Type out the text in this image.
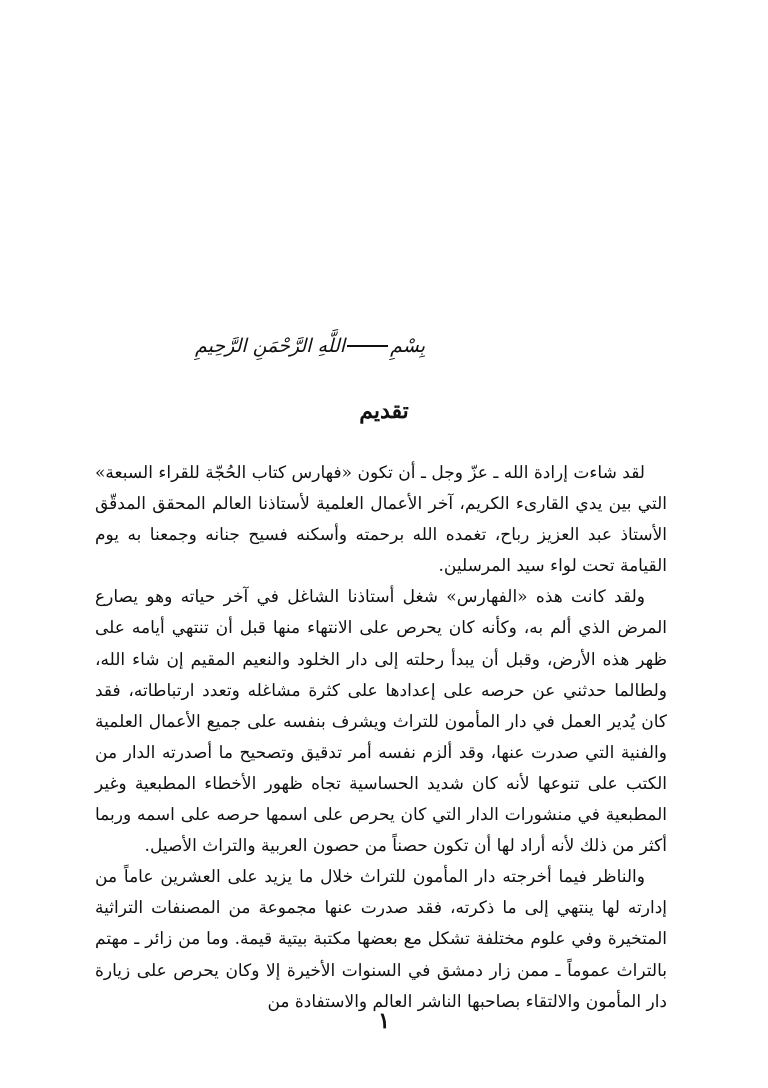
بِسْمِ
اللَّهِ الرَّحْمَنِ الرَّحِيمِ
تقديم

لقد شاءت إرادة الله ـ عزّ وجل ـ أن تكون «فهارس كتاب الحُجّة للقراء السبعة» التي بين يدي القارىء الكريم، آخر الأعمال العلمية لأستاذنا العالم المحقق المدقّق الأستاذ عبد العزيز رباح، تغمده الله برحمته وأسكنه فسيح جنانه وجمعنا به يوم القيامة تحت لواء سيد المرسلين.

ولقد كانت هذه «الفهارس» شغل أستاذنا الشاغل في آخر حياته وهو يصارع المرض الذي ألم به، وكأنه كان يحرص على الانتهاء منها قبل أن تنتهي أيامه على ظهر هذه الأرض، وقبل أن يبدأ رحلته إلى دار الخلود والنعيم المقيم إن شاء الله، ولطالما حدثني عن حرصه على إعدادها على كثرة مشاغله وتعدد ارتباطاته، فقد كان يُدير العمل في دار المأمون للتراث ويشرف بنفسه على جميع الأعمال العلمية والفنية التي صدرت عنها، وقد ألزم نفسه أمر تدقيق وتصحيح ما أصدرته الدار من الكتب على تنوعها لأنه كان شديد الحساسية تجاه ظهور الأخطاء المطبعية وغير المطبعية في منشورات الدار التي كان يحرص على اسمها حرصه على اسمه وربما أكثر من ذلك لأنه أراد لها أن تكون حصناً من حصون العربية والتراث الأصيل.

والناظر فيما أخرجته دار المأمون للتراث خلال ما يزيد على العشرين عاماً من إدارته لها ينتهي إلى ما ذكرته، فقد صدرت عنها مجموعة من المصنفات التراثية المتخيرة وفي علوم مختلفة تشكل مع بعضها مكتبة بيتية قيمة. وما من زائر ـ مهتم بالتراث عموماً ـ ممن زار دمشق في السنوات الأخيرة إلا وكان يحرص على زيارة دار المأمون والالتقاء بصاحبها الناشر العالم والاستفادة من

١
